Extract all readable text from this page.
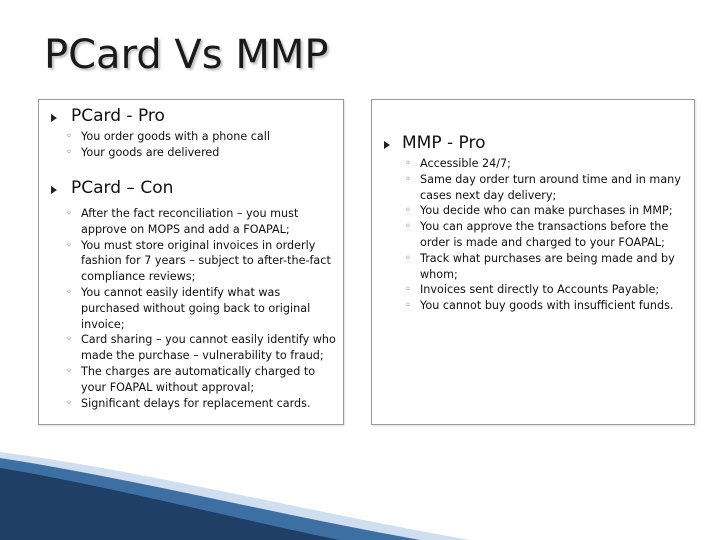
PCard Vs MMP
PCard - Pro
◦ You order goods with a phone call
◦ Your goods are delivered
PCard – Con
◦ After the fact reconciliation – you must approve on MOPS and add a FOAPAL;
◦ You must store original invoices in orderly fashion for 7 years – subject to after-the-fact compliance reviews;
◦ You cannot easily identify what was purchased without going back to original invoice;
◦ Card sharing – you cannot easily identify who made the purchase – vulnerability to fraud;
◦ The charges are automatically charged to your FOAPAL without approval;
◦ Significant delays for replacement cards.
MMP - Pro
◦ Accessible 24/7;
◦ Same day order turn around time and in many cases next day delivery;
◦ You decide who can make purchases in MMP;
◦ You can approve the transactions before the order is made and charged to your FOAPAL;
◦ Track what purchases are being made and by whom;
◦ Invoices sent directly to Accounts Payable;
◦ You cannot buy goods with insufficient funds.
